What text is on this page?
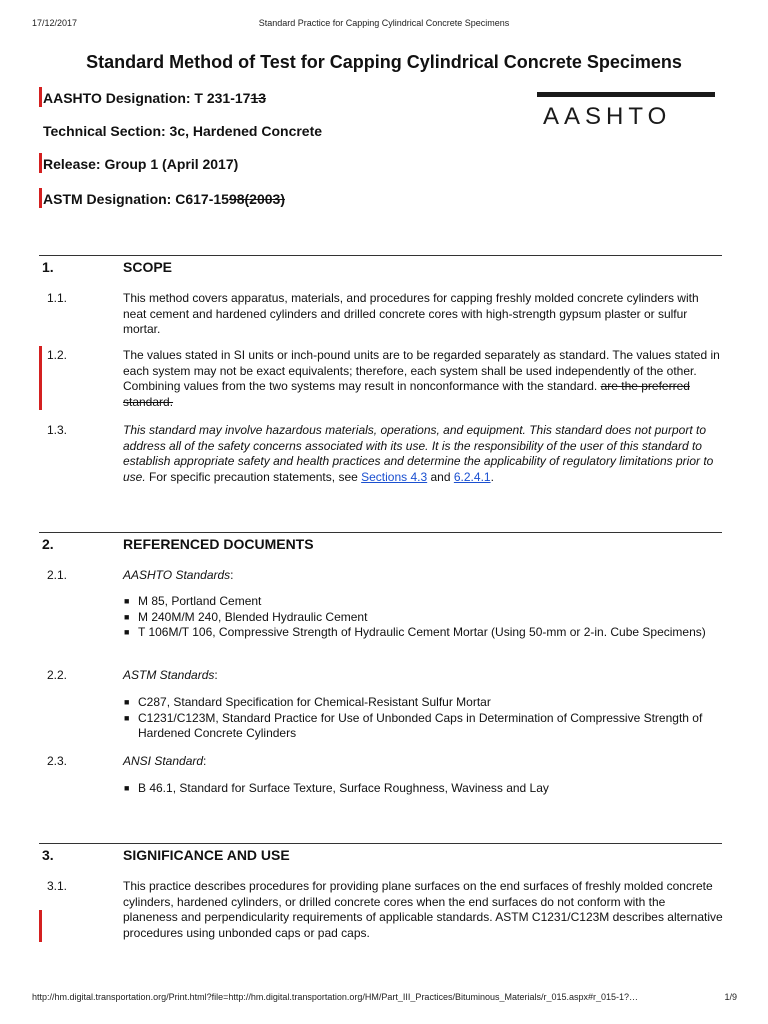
17/12/2017	Standard Practice for Capping Cylindrical Concrete Specimens
Standard Method of Test for Capping Cylindrical Concrete Specimens
AASHTO Designation: T 231-1713
Technical Section: 3c, Hardened Concrete
Release: Group 1 (April 2017)
ASTM Designation: C617-1598(2003)
AASHTO
1.	SCOPE
1.1.	This method covers apparatus, materials, and procedures for capping freshly molded concrete cylinders with neat cement and hardened cylinders and drilled concrete cores with high-strength gypsum plaster or sulfur mortar.
1.2.	The values stated in SI units or inch-pound units are to be regarded separately as standard. The values stated in each system may not be exact equivalents; therefore, each system shall be used independently of the other. Combining values from the two systems may result in nonconformance with the standard. are the preferred standard.
1.3.	This standard may involve hazardous materials, operations, and equipment. This standard does not purport to address all of the safety concerns associated with its use. It is the responsibility of the user of this standard to establish appropriate safety and health practices and determine the applicability of regulatory limitations prior to use. For specific precaution statements, see Sections 4.3 and 6.2.4.1.
2.	REFERENCED DOCUMENTS
2.1.	AASHTO Standards:
■ M 85, Portland Cement
■ M 240M/M 240, Blended Hydraulic Cement
■ T 106M/T 106, Compressive Strength of Hydraulic Cement Mortar (Using 50-mm or 2-in. Cube Specimens)
2.2.	ASTM Standards:
■ C287, Standard Specification for Chemical-Resistant Sulfur Mortar
■ C1231/C123M, Standard Practice for Use of Unbonded Caps in Determination of Compressive Strength of Hardened Concrete Cylinders
2.3.	ANSI Standard:
■ B 46.1, Standard for Surface Texture, Surface Roughness, Waviness and Lay
3.	SIGNIFICANCE AND USE
3.1.	This practice describes procedures for providing plane surfaces on the end surfaces of freshly molded concrete cylinders, hardened cylinders, or drilled concrete cores when the end surfaces do not conform with the planeness and perpendicularity requirements of applicable standards. ASTM C1231/C123M describes alternative procedures using unbonded caps or pad caps.
http://hm.digital.transportation.org/Print.html?file=http://hm.digital.transportation.org/HM/Part_III_Practices/Bituminous_Materials/r_015.aspx#r_015-1?…	1/9
